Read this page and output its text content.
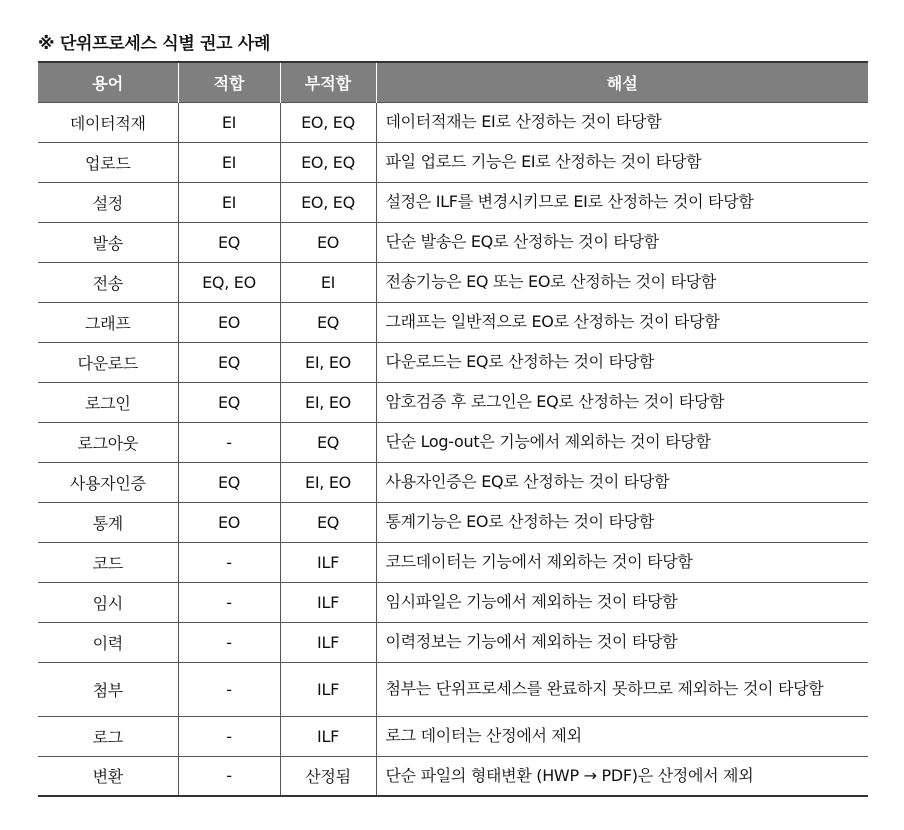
※ 단위프로세스 식별 권고 사례
용어	적합	부적합	해설
데이터적재	EI	EO, EQ	데이터적재는 EI로 산정하는 것이 타당함
업로드	EI	EO, EQ	파일 업로드 기능은 EI로 산정하는 것이 타당함
설정	EI	EO, EQ	설정은 ILF를 변경시키므로 EI로 산정하는 것이 타당함
발송	EQ	EO	단순 발송은 EQ로 산정하는 것이 타당함
전송	EQ, EO	EI	전송기능은 EQ 또는 EO로 산정하는 것이 타당함
그래프	EO	EQ	그래프는 일반적으로 EO로 산정하는 것이 타당함
다운로드	EQ	EI, EO	다운로드는 EQ로 산정하는 것이 타당함
로그인	EQ	EI, EO	암호검증 후 로그인은 EQ로 산정하는 것이 타당함
로그아웃	-	EQ	단순 Log-out은 기능에서 제외하는 것이 타당함
사용자인증	EQ	EI, EO	사용자인증은 EQ로 산정하는 것이 타당함
통계	EO	EQ	통계기능은 EO로 산정하는 것이 타당함
코드	-	ILF	코드데이터는 기능에서 제외하는 것이 타당함
임시	-	ILF	임시파일은 기능에서 제외하는 것이 타당함
이력	-	ILF	이력정보는 기능에서 제외하는 것이 타당함
첨부	-	ILF	첨부는 단위프로세스를 완료하지 못하므로 제외하는 것이 타당함
로그	-	ILF	로그 데이터는 산정에서 제외
변환	-	산정됨	단순 파일의 형태변환 (HWP → PDF)은 산정에서 제외
